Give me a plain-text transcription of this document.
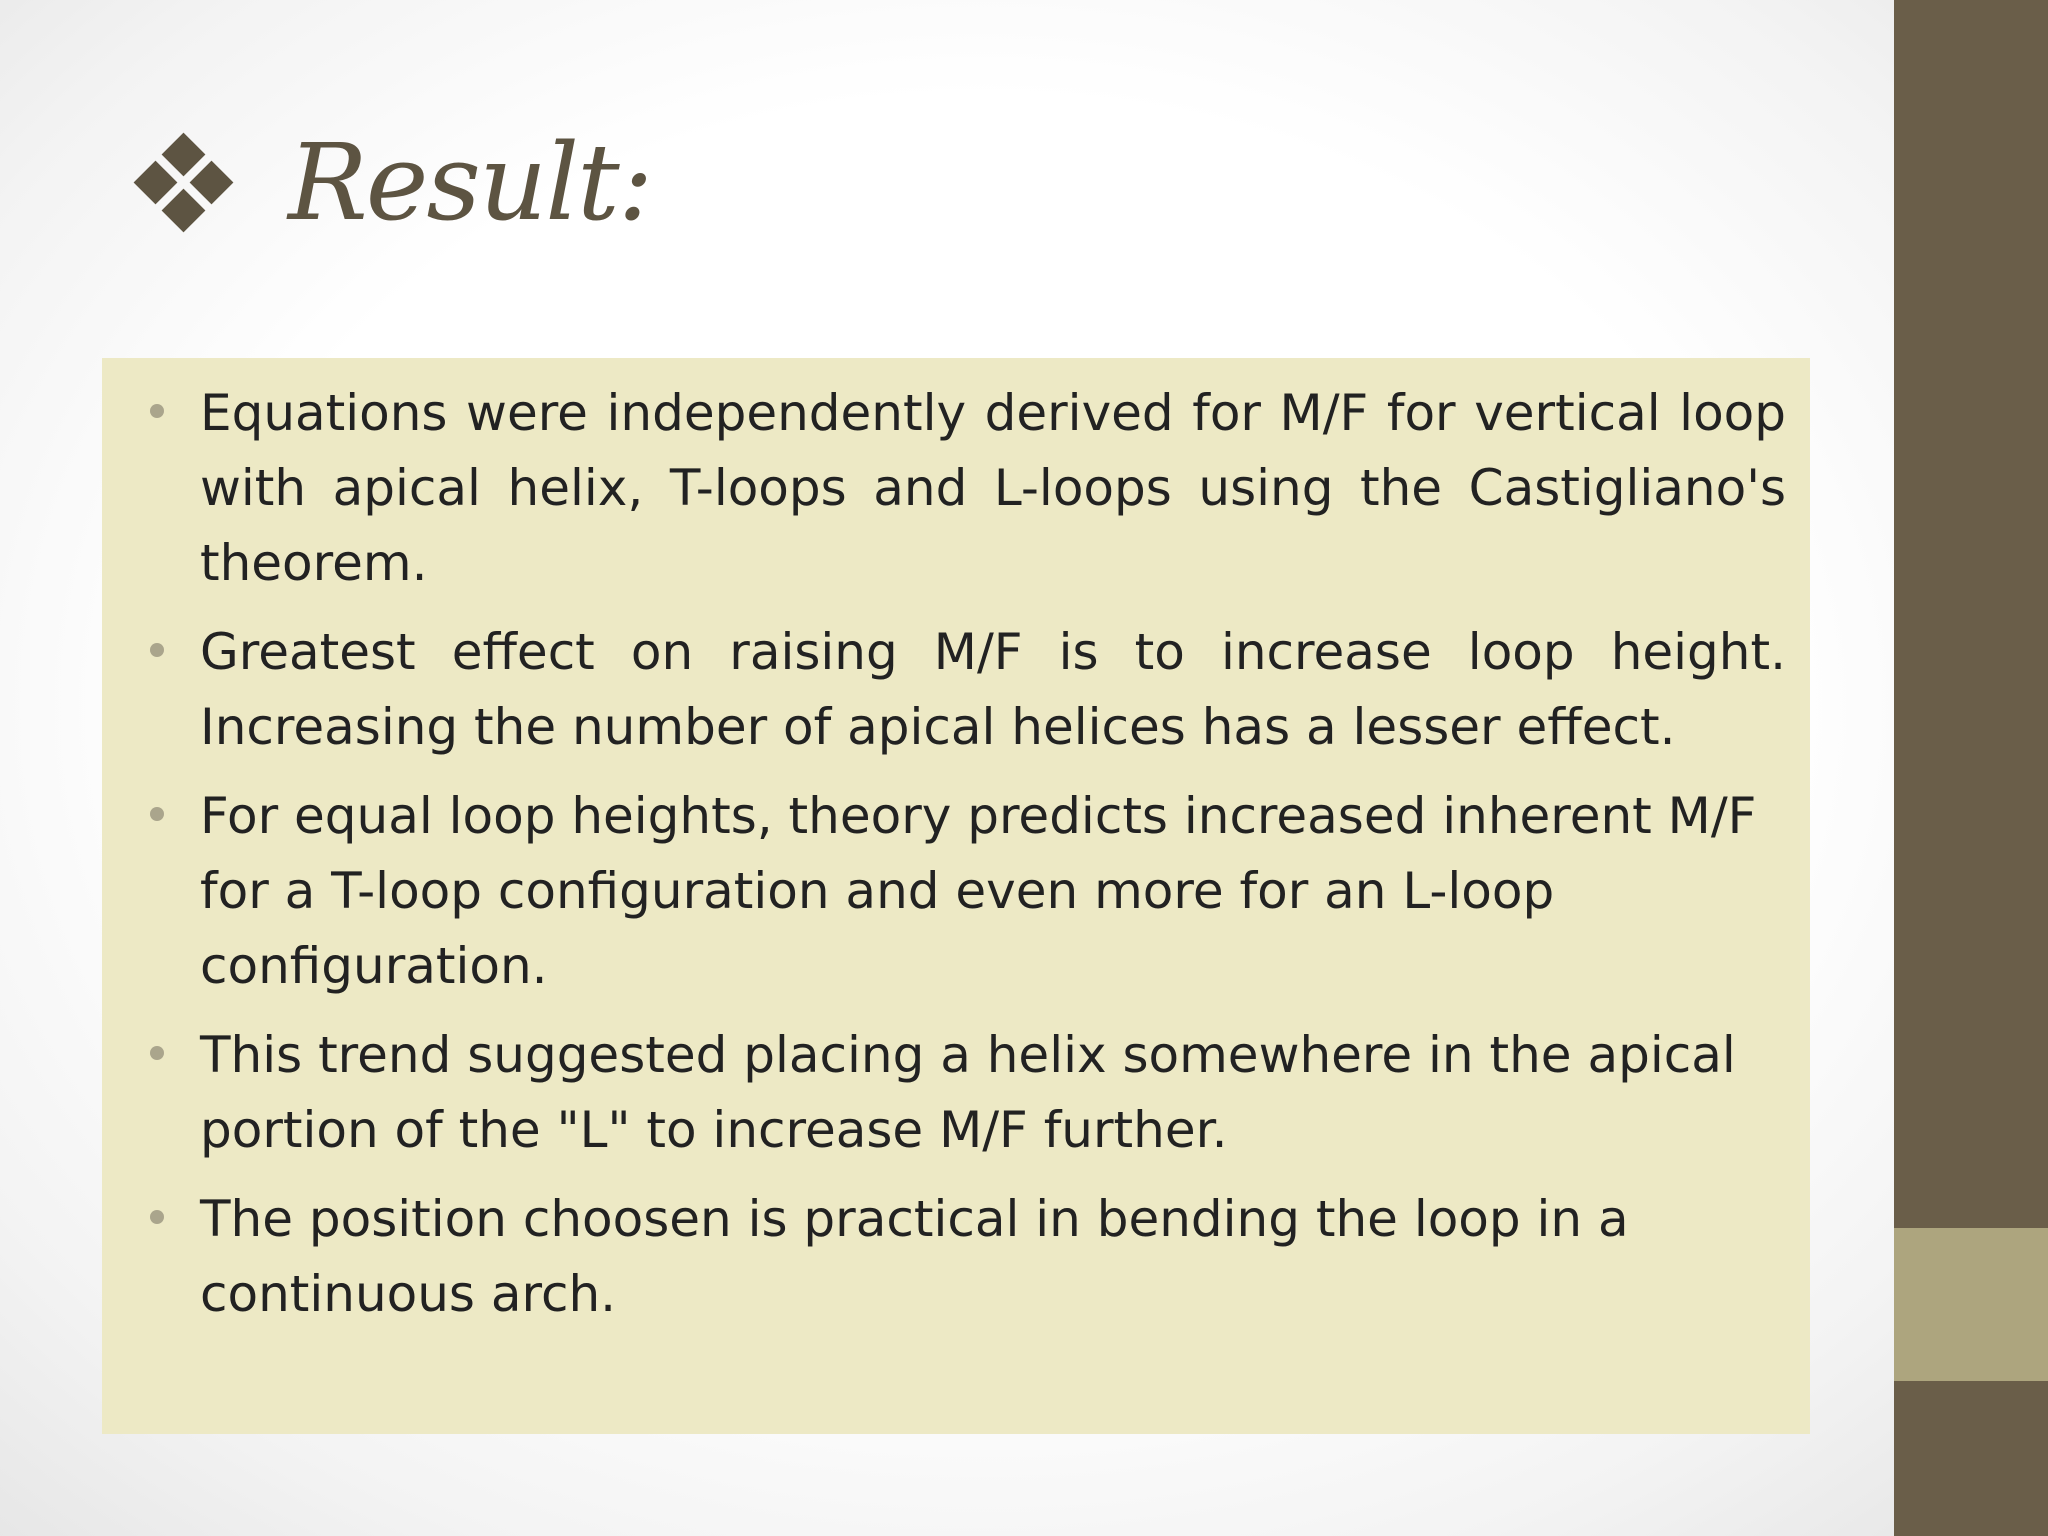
Result:
Equations were independently derived for M/F for vertical loop with apical helix, T-loops and L-loops using the Castigliano's theorem.
Greatest effect on raising M/F is to increase loop height. Increasing the number of apical helices has a lesser effect.
For equal loop heights, theory predicts increased inherent M/F for a T-loop configuration and even more for an L-loop configuration.
This trend suggested placing a helix somewhere in the apical portion of the "L" to increase M/F further.
The position choosen is practical in bending the loop in a continuous arch.
